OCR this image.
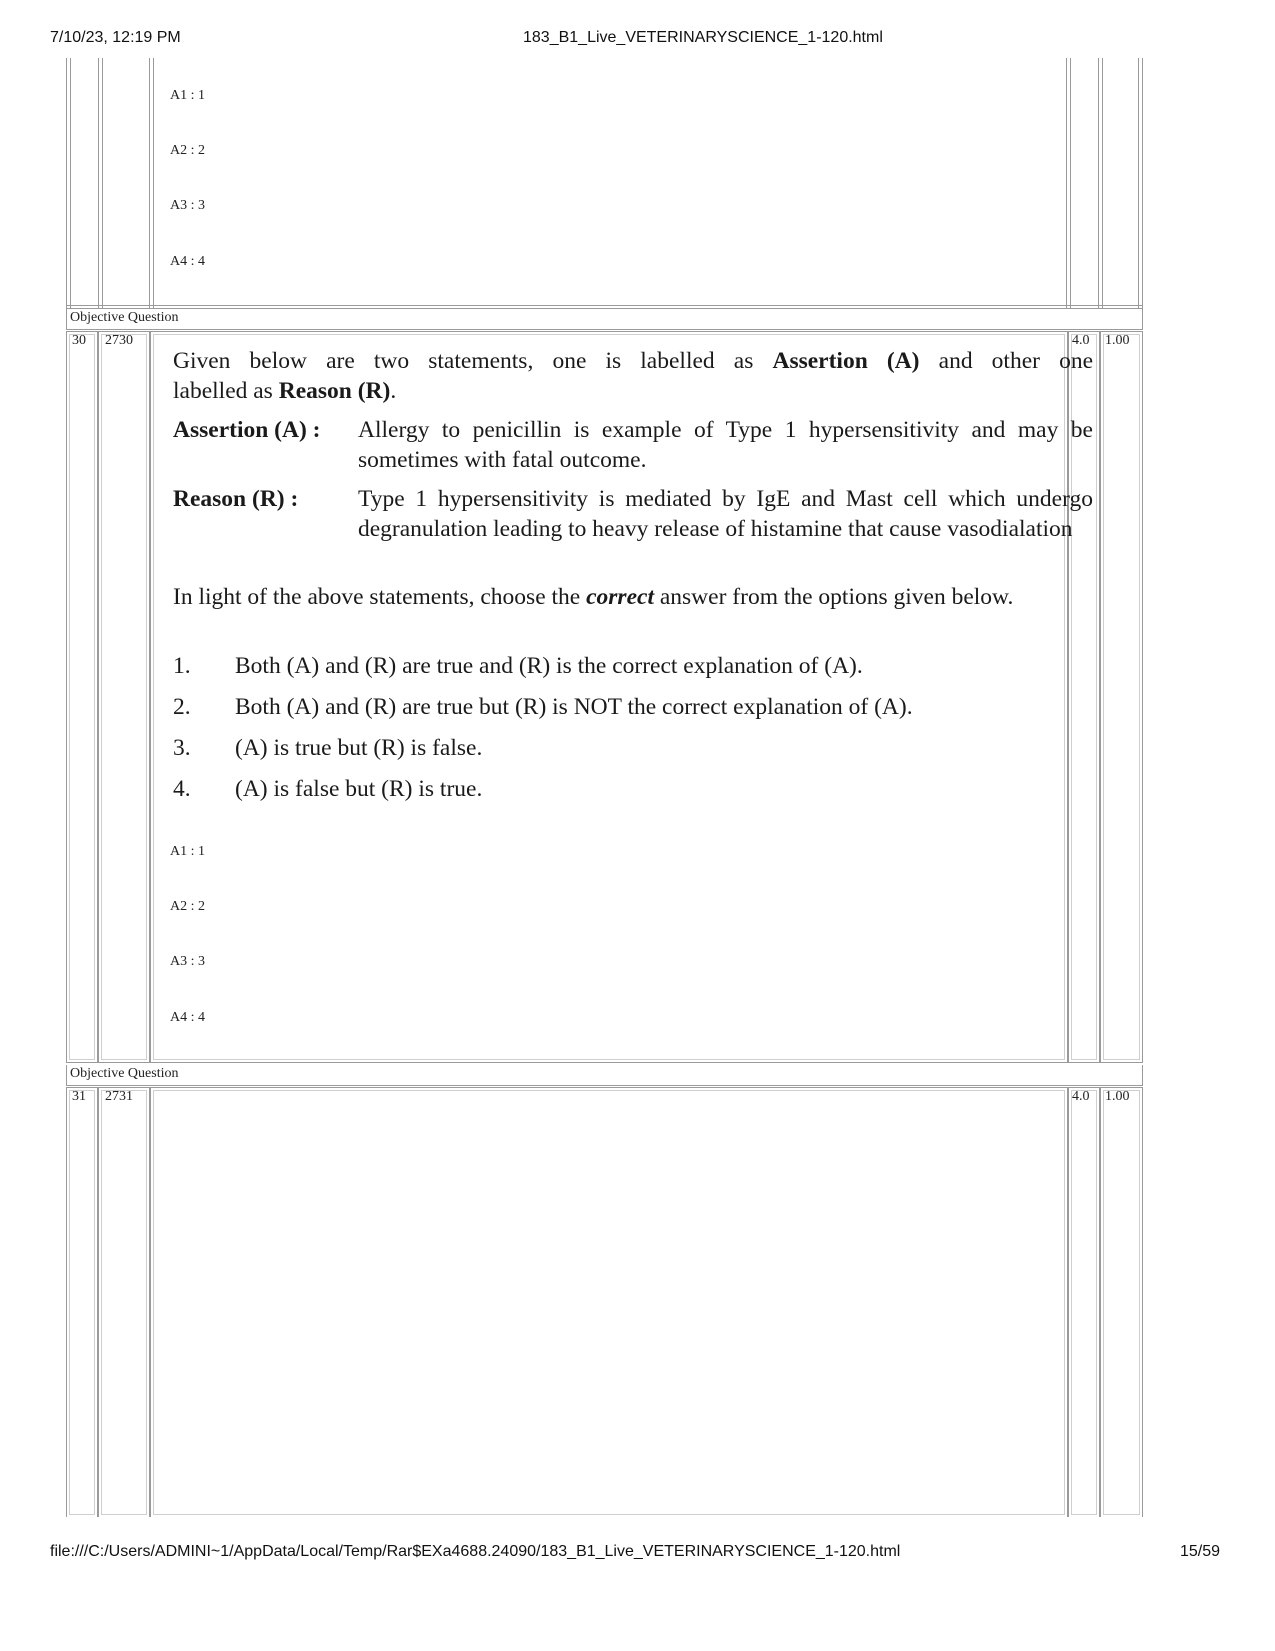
7/10/23, 12:19 PM	183_B1_Live_VETERINARYSCIENCE_1-120.html
A1 : 1
A2 : 2
A3 : 3
A4 : 4
Objective Question
30 2730	4.0 1.00
Given below are two statements, one is labelled as Assertion (A) and other one
labelled as Reason (R).
Assertion (A) : Allergy to penicillin is example of Type 1 hypersensitivity and may be sometimes with fatal outcome.
Reason (R) :	Type 1 hypersensitivity is mediated by IgE and Mast cell which undergo degranulation leading to heavy release of histamine that cause vasodialation
In light of the above statements, choose the correct answer from the options given below.
1. Both (A) and (R) are true and (R) is the correct explanation of (A).
2. Both (A) and (R) are true but (R) is NOT the correct explanation of (A).
3. (A) is true but (R) is false.
4. (A) is false but (R) is true.
A1 : 1
A2 : 2
A3 : 3
A4 : 4
Objective Question
31 2731	4.0 1.00
file:///C:/Users/ADMINI~1/AppData/Local/Temp/Rar$EXa4688.24090/183_B1_Live_VETERINARYSCIENCE_1-120.html	15/59
